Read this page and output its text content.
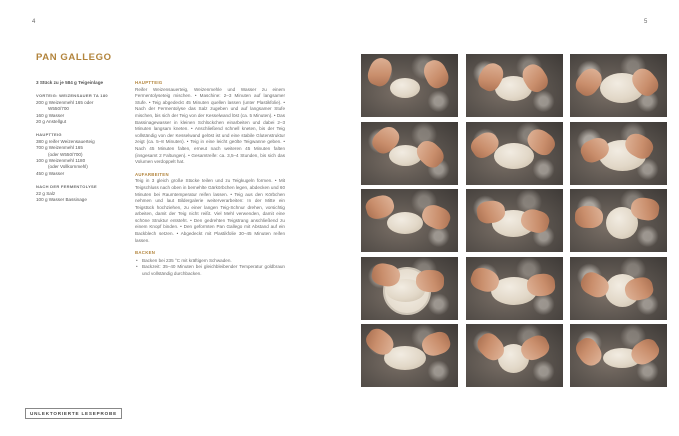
4	5
PAN GALLEGO
3 Stück zu je 584 g Teigeinlage
VORTEIG: WEIZENSAUER TA 180
200 g Weizenmehl 165 oder
W550/700
160 g Wasser
20 g Anstellgut
HAUPTTEIG
380 g reifer Weizensauerteig
700 g Weizenmehl 165
(oder W550/700)
100 g Weizenmehl 1180
(oder Vollkornmehl)
450 g Wasser
NACH DER FERMENTOLYSE
22 g Salz
100 g Wasser Bassinage
HAUPTTEIG
Reifer Weizensauerteig, Weizenmehle und Wasser zu einem Fermentolyseteig mischen. • Maschine: 2–3 Minuten auf langsamer Stufe. • Teig abgedeckt 45 Minuten quellen lassen (unter Plastikfolie). • Nach der Fermentolyse das Salz zugeben und auf langsamer Stufe mischen, bis sich der Teig von der Kesselwand löst (ca. 5 Minuten). • Das Bassinagewasser in kleinen Schlückchen einarbeiten und dabei 2–3 Minuten langsam kneten. • Anschließend schnell kneten, bis der Teig vollständig von der Kesselwand gelöst ist und eine stabile Glutenstruktur zeigt (ca. 5–8 Minuten). • Teig in eine leicht geölte Teigwanne geben. • Nach 45 Minuten falten, erneut nach weiteren 45 Minuten falten (insgesamt 2 Faltungen). • Gesamtreife: ca. 3,5–4 Stunden, bis sich das Volumen verdoppelt hat.
AUFARBEITEN
Teig in 3 gleich große Stücke teilen und zu Teigkugeln formen. • Mit Teigschluss nach oben in bemehlte Gärkörbchen legen, abdecken und 60 Minuten bei Raumtemperatur reifen lassen. • Teig aus den Körbchen nehmen und laut Bildergalerie weiterverarbeiten: In der Mitte ein Teigstück hochziehen, zu einer langen Teig-Schnur drehen, vorsichtig arbeiten, damit der Teig nicht reißt. Viel Mehl verwenden, damit eine schöne Struktur entsteht. • Den gedrehten Teigstrang anschließend zu einem Knopf binden. • Den geformten Pan Gallego mit Abstand auf ein Backblech setzen. • Abgedeckt mit Plastikfolie 30–45 Minuten reifen lassen.
BACKEN
• Backen bei 235 °C mit kräftigem Schwaden.
• Backzeit: 35–40 Minuten bei gleichbleibender Temperatur goldbraun und vollständig durchbacken.
UNLEKTORIERTE LESEPROBE
